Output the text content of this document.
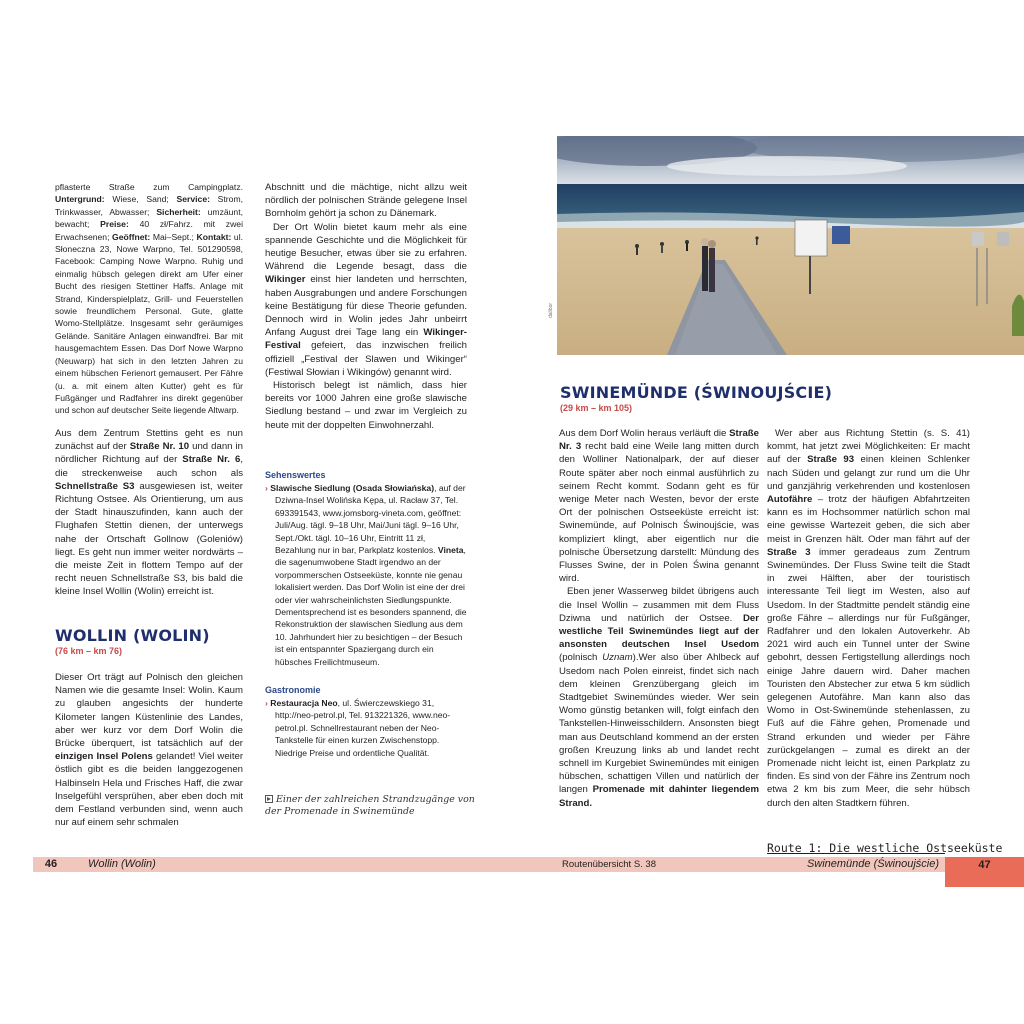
pflasterte Straße zum Campingplatz. Untergrund: Wiese, Sand; Service: Strom, Trinkwasser, Abwasser; Sicherheit: umzäunt, bewacht; Preise: 40 zł/Fahrz. mit zwei Erwachsenen; Geöffnet: Mai–Sept.; Kontakt: ul. Słoneczna 23, Nowe Warpno, Tel. 501290598, Facebook: Camping Nowe Warpno. Ruhig und einmalig hübsch gelegen direkt am Ufer einer Bucht des riesigen Stettiner Haffs. Anlage mit Strand, Kinderspielplatz, Grill- und Feuerstellen sowie freundlichem Personal. Gute, glatte Womo-Stellplätze. Insgesamt sehr geräumiges Gelände. Sanitäre Anlagen einwandfrei. Bar mit hausgemachtem Essen. Das Dorf Nowe Warpno (Neuwarp) hat sich in den letzten Jahren zu einem hübschen Ferienort gemausert. Per Fähre (u. a. mit einem alten Kutter) geht es für Fußgänger und Radfahrer ins direkt gegenüber und schon auf deutscher Seite liegende Altwarp.

Aus dem Zentrum Stettins geht es nun zunächst auf der Straße Nr. 10 und dann in nördlicher Richtung auf der Straße Nr. 6, die streckenweise auch schon als Schnellstraße S3 ausgewiesen ist, weiter Richtung Ostsee. Als Orientierung, um aus der Stadt hinauszufinden, kann auch der Flughafen Stettin dienen, der unterwegs nahe der Ortschaft Gollnow (Goleniów) liegt. Es geht nun immer weiter nordwärts – die meiste Zeit in flottem Tempo auf der recht neuen Schnellstraße S3, bis bald die kleine Insel Wollin (Wolin) erreicht ist.

WOLLIN (WOLIN)
(76 km – km 76)

Dieser Ort trägt auf Polnisch den gleichen Namen wie die gesamte Insel: Wolin. Kaum zu glauben angesichts der hunderte Kilometer langen Küstenlinie des Landes, aber wer kurz vor dem Dorf Wolin die Brücke überquert, ist tatsächlich auf der einzigen Insel Polens gelandet! Viel weiter östlich gibt es die beiden langgezogenen Halbinseln Hela und Frisches Haff, die zwar Inselgefühl versprühen, aber eben doch mit dem Festland verbunden sind, wenn auch nur auf einem sehr schmalen

Abschnitt und die mächtige, nicht allzu weit nördlich der polnischen Strände gelegene Insel Bornholm gehört ja schon zu Dänemark.

Der Ort Wolin bietet kaum mehr als eine spannende Geschichte und die Möglichkeit für heutige Besucher, etwas über sie zu erfahren. Während die Legende besagt, dass die Wikinger einst hier landeten und herrschten, haben Ausgrabungen und andere Forschungen keine Bestätigung für diese Theorie gefunden. Dennoch wird in Wolin jedes Jahr unbeirrt Anfang August drei Tage lang ein Wikinger-Festival gefeiert, das inzwischen freilich offiziell „Festival der Slawen und Wikinger“ (Festiwal Słowian i Wikingów) genannt wird.

Historisch belegt ist nämlich, dass hier bereits vor 1000 Jahren eine große slawische Siedlung bestand – und zwar im Vergleich zu heute mit der doppelten Einwohnerzahl.

Sehenswertes

› Slawische Siedlung (Osada Słowiańska), auf der Dziwna-Insel Wolińska Kępa, ul. Racław 37, Tel. 693391543, www.jomsborg-vineta.com, geöffnet: Juli/Aug. tägl. 9–18 Uhr, Mai/Juni tägl. 9–16 Uhr, Sept./Okt. tägl. 10–16 Uhr, Eintritt 11 zł, Bezahlung nur in bar, Parkplatz kostenlos. Vineta, die sagenumwobene Stadt irgendwo an der vorpommerschen Ostseeküste, konnte nie genau lokalisiert werden. Das Dorf Wolin ist eine der drei oder vier wahrscheinlichsten Siedlungspunkte. Dementsprechend ist es besonders spannend, die Rekonstruktion der slawischen Siedlung aus dem 10. Jahrhundert hier zu besichtigen – der Besuch ist ein entspannter Spaziergang durch ein hübsches Freilichtmuseum.

Gastronomie

› Restauracja Neo, ul. Świerczewskiego 31, http://neo-petrol.pl, Tel. 913221326, www.neo-petrol.pl. Schnellrestaurant neben der Neo-Tankstelle für einen kurzen Zwischenstopp. Niedrige Preise und ordentliche Qualität.

Einer der zahlreichen Strandzugänge von der Promenade in Swinemünde
dalibor
SWINEMÜNDE (ŚWINOUJŚCIE)
(29 km – km 105)

Aus dem Dorf Wolin heraus verläuft die Straße Nr. 3 recht bald eine Weile lang mitten durch den Wolliner Nationalpark, der auf dieser Route später aber noch einmal ausführlich zu seinem Recht kommt. Sodann geht es für wenige Meter nach Westen, bevor der erste Ort der polnischen Ostseeküste erreicht ist: Swinemünde, auf Polnisch Świnoujście, was kompliziert klingt, aber eigentlich nur die polnische Übersetzung darstellt: Mündung des Flusses Swine, der in Polen Świna genannt wird.

Eben jener Wasserweg bildet übrigens auch die Insel Wollin – zusammen mit dem Fluss Dziwna und natürlich der Ostsee. Der westliche Teil Swinemündes liegt auf der ansonsten deutschen Insel Usedom (polnisch Uznam).Wer also über Ahlbeck auf Usedom nach Polen einreist, findet sich nach dem kleinen Grenzübergang gleich im Stadtgebiet Swinemündes wieder. Wer sein Womo günstig betanken will, folgt einfach den Tankstellen-Hinweisschildern. Ansonsten biegt man aus Deutschland kommend an der ersten großen Kreuzung links ab und landet recht schnell im Kurgebiet Swinemündes mit einigen hübschen, schattigen Villen und natürlich der langen Promenade mit dahinter liegendem Strand.

Wer aber aus Richtung Stettin (s. S. 41) kommt, hat jetzt zwei Möglichkeiten: Er macht auf der Straße 93 einen kleinen Schlenker nach Süden und gelangt zur rund um die Uhr und ganzjährig verkehrenden und kostenlosen Autofähre – trotz der häufigen Abfahrtzeiten kann es im Hochsommer natürlich schon mal eine gewisse Wartezeit geben, die sich aber meist in Grenzen hält. Oder man fährt auf der Straße 3 immer geradeaus zum Zentrum Swinemündes. Der Fluss Swine teilt die Stadt in zwei Hälften, aber der touristisch interessante Teil liegt im Westen, also auf Usedom. In der Stadtmitte pendelt ständig eine große Fähre – allerdings nur für Fußgänger, Radfahrer und den lokalen Autoverkehr. Ab 2021 wird auch ein Tunnel unter der Swine gebohrt, dessen Fertigstellung allerdings noch einige Jahre dauern wird. Daher machen Touristen den Abstecher zur etwa 5 km südlich gelegenen Autofähre. Man kann also das Womo in Ost-Swinemünde stehenlassen, zu Fuß auf die Fähre gehen, Promenade und Strand erkunden und wieder per Fähre zurückgelangen – zumal es direkt an der Promenade nicht leicht ist, einen Parkplatz zu finden. Es sind von der Fähre ins Zentrum noch etwa 2 km bis zum Meer, die sehr hübsch durch den alten Stadtkern führen.

46	Wollin (Wolin)	Routenübersicht S. 38
Route 1: Die westliche Ostseeküste
Swinemünde (Świnoujście)	47
